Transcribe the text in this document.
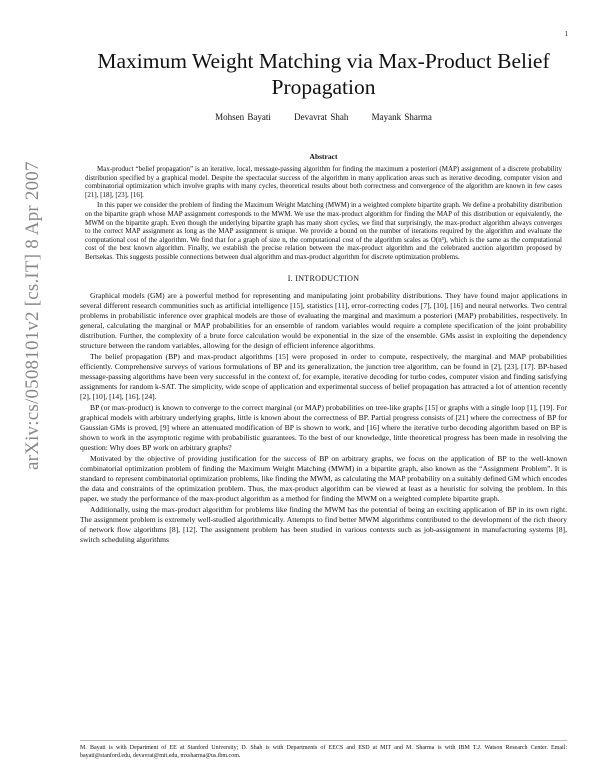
1
arXiv:cs/0508101v2 [cs.IT] 8 Apr 2007
Maximum Weight Matching via Max-Product Belief Propagation
Mohsen Bayati	Devavrat Shah	Mayank Sharma
Abstract

Max-product “belief propagation” is an iterative, local, message-passing algorithm for finding the maximum a posteriori (MAP) assignment of a discrete probability distribution specified by a graphical model. Despite the spectacular success of the algorithm in many application areas such as iterative decoding, computer vision and combinatorial optimization which involve graphs with many cycles, theoretical results about both correctness and convergence of the algorithm are known in few cases [21], [18], [23], [16].

In this paper we consider the problem of finding the Maximum Weight Matching (MWM) in a weighted complete bipartite graph. We define a probability distribution on the bipartite graph whose MAP assignment corresponds to the MWM. We use the max-product algorithm for finding the MAP of this distribution or equivalently, the MWM on the bipartite graph. Even though the underlying bipartite graph has many short cycles, we find that surprisingly, the max-product algorithm always converges to the correct MAP assignment as long as the MAP assignment is unique. We provide a bound on the number of iterations required by the algorithm and evaluate the computational cost of the algorithm. We find that for a graph of size n, the computational cost of the algorithm scales as O(n³), which is the same as the computational cost of the best known algorithm. Finally, we establish the precise relation between the max-product algorithm and the celebrated auction algorithm proposed by Bertsekas. This suggests possible connections between dual algorithm and max-product algorithm for discrete optimization problems.

I. INTRODUCTION

Graphical models (GM) are a powerful method for representing and manipulating joint probability distributions. They have found major applications in several different research communities such as artificial intelligence [15], statistics [11], error-correcting codes [7], [10], [16] and neural networks. Two central problems in probabilistic inference over graphical models are those of evaluating the marginal and maximum a posteriori (MAP) probabilities, respectively. In general, calculating the marginal or MAP probabilities for an ensemble of random variables would require a complete specification of the joint probability distribution. Further, the complexity of a brute force calculation would be exponential in the size of the ensemble. GMs assist in exploiting the dependency structure between the random variables, allowing for the design of efficient inference algorithms.

The belief propagation (BP) and max-product algorithms [15] were proposed in order to compute, respectively, the marginal and MAP probabilities efficiently. Comprehensive surveys of various formulations of BP and its generalization, the junction tree algorithm, can be found in [2], [23], [17]. BP-based message-passing algorithms have been very successful in the context of, for example, iterative decoding for turbo codes, computer vision and finding satisfying assignments for random k-SAT. The simplicity, wide scope of application and experimental success of belief propagation has attracted a lot of attention recently [2], [10], [14], [16], [24].

BP (or max-product) is known to converge to the correct marginal (or MAP) probabilities on tree-like graphs [15] or graphs with a single loop [1], [19]. For graphical models with arbitrary underlying graphs, little is known about the correctness of BP. Partial progress consists of [21] where the correctness of BP for Gaussian GMs is proved, [9] where an attenuated modification of BP is shown to work, and [16] where the iterative turbo decoding algorithm based on BP is shown to work in the asymptotic regime with probabilistic guarantees. To the best of our knowledge, little theoretical progress has been made in resolving the question: Why does BP work on arbitrary graphs?

Motivated by the objective of providing justification for the success of BP on arbitrary graphs, we focus on the application of BP to the well-known combinatorial optimization problem of finding the Maximum Weight Matching (MWM) in a bipartite graph, also known as the “Assignment Problem”. It is standard to represent combinatorial optimization problems, like finding the MWM, as calculating the MAP probability on a suitably defined GM which encodes the data and constraints of the optimization problem. Thus, the max-product algorithm can be viewed at least as a heuristic for solving the problem. In this paper, we study the performance of the max-product algorithm as a method for finding the MWM on a weighted complete bipartite graph.

Additionally, using the max-product algorithm for problems like finding the MWM has the potential of being an exciting application of BP in its own right. The assignment problem is extremely well-studied algorithmically. Attempts to find better MWM algorithms contributed to the development of the rich theory of network flow algorithms [8], [12]. The assignment problem has been studied in various contexts such as job-assignment in manufacturing systems [8], switch scheduling algorithms

M. Bayati is with Department of EE at Stanford University; D. Shah is with Departments of EECS and ESD at MIT and M. Sharma is with IBM T.J. Watson Research Center. Email: bayati@stanford.edu, devavrat@mit.edu, mxsharma@us.ibm.com.
